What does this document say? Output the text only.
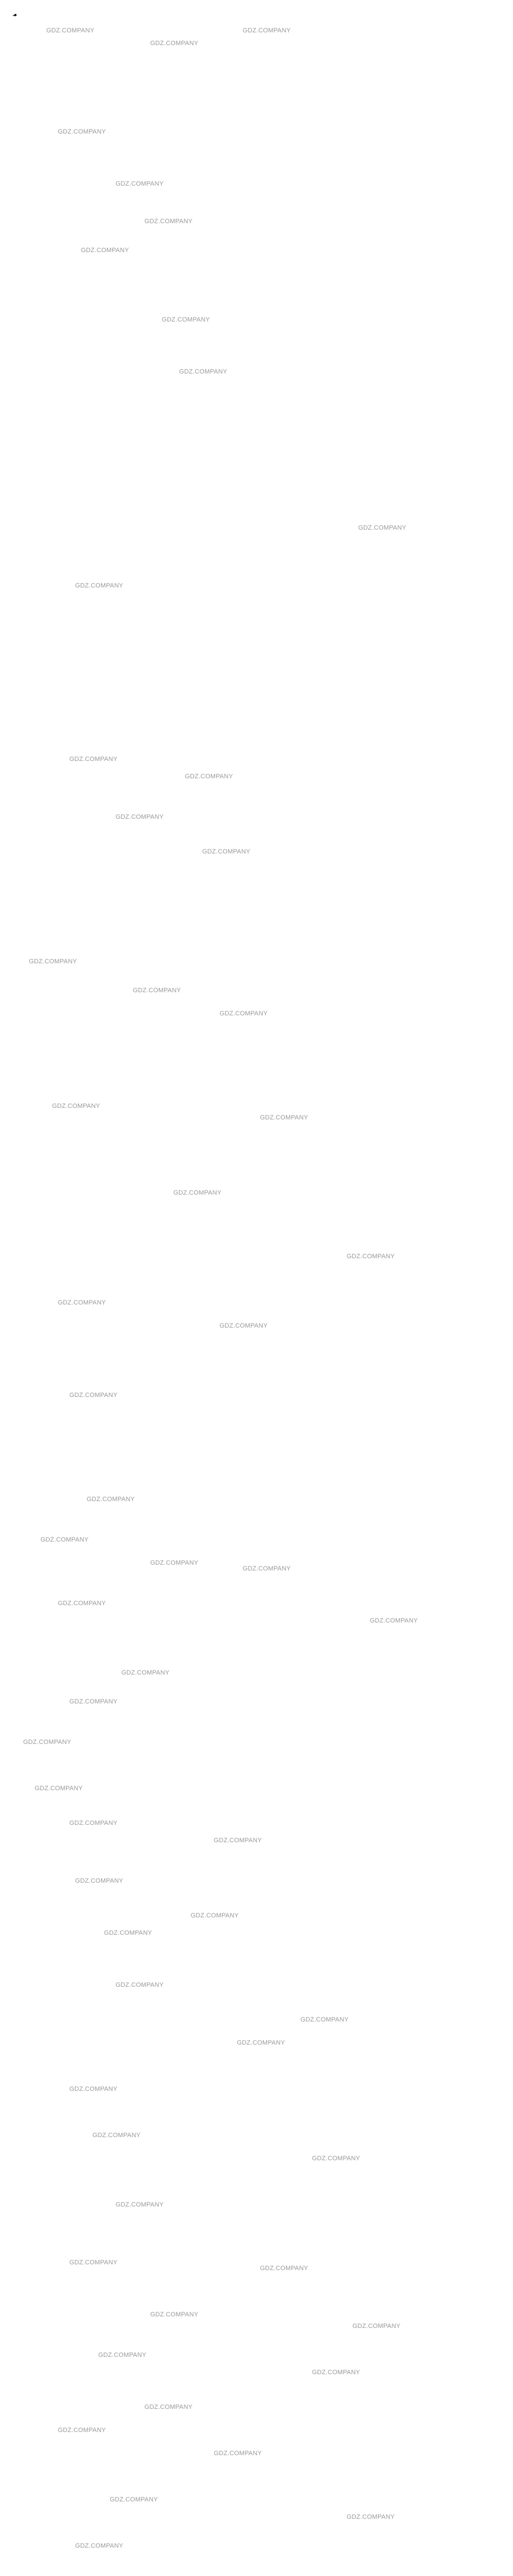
GDZ.COMPANY
GDZ.COMPANY
GDZ.COMPANY
GDZ.COMPANY
GDZ.COMPANY
GDZ.COMPANY
GDZ.COMPANY
GDZ.COMPANY
GDZ.COMPANY
GDZ.COMPANY
GDZ.COMPANY
GDZ.COMPANY
GDZ.COMPANY
GDZ.COMPANY
GDZ.COMPANY
GDZ.COMPANY
GDZ.COMPANY
GDZ.COMPANY
GDZ.COMPANY
GDZ.COMPANY
GDZ.COMPANY
GDZ.COMPANY
GDZ.COMPANY
GDZ.COMPANY
GDZ.COMPANY
GDZ.COMPANY
GDZ.COMPANY
GDZ.COMPANY
GDZ.COMPANY
GDZ.COMPANY
GDZ.COMPANY
GDZ.COMPANY
GDZ.COMPANY
GDZ.COMPANY
GDZ.COMPANY
GDZ.COMPANY
GDZ.COMPANY
GDZ.COMPANY
GDZ.COMPANY
GDZ.COMPANY
GDZ.COMPANY
GDZ.COMPANY
GDZ.COMPANY
GDZ.COMPANY
GDZ.COMPANY
GDZ.COMPANY
GDZ.COMPANY
GDZ.COMPANY
GDZ.COMPANY
GDZ.COMPANY
GDZ.COMPANY
GDZ.COMPANY
GDZ.COMPANY
GDZ.COMPANY
GDZ.COMPANY
GDZ.COMPANY
GDZ.COMPANY
GDZ.COMPANY
GDZ.COMPANY
